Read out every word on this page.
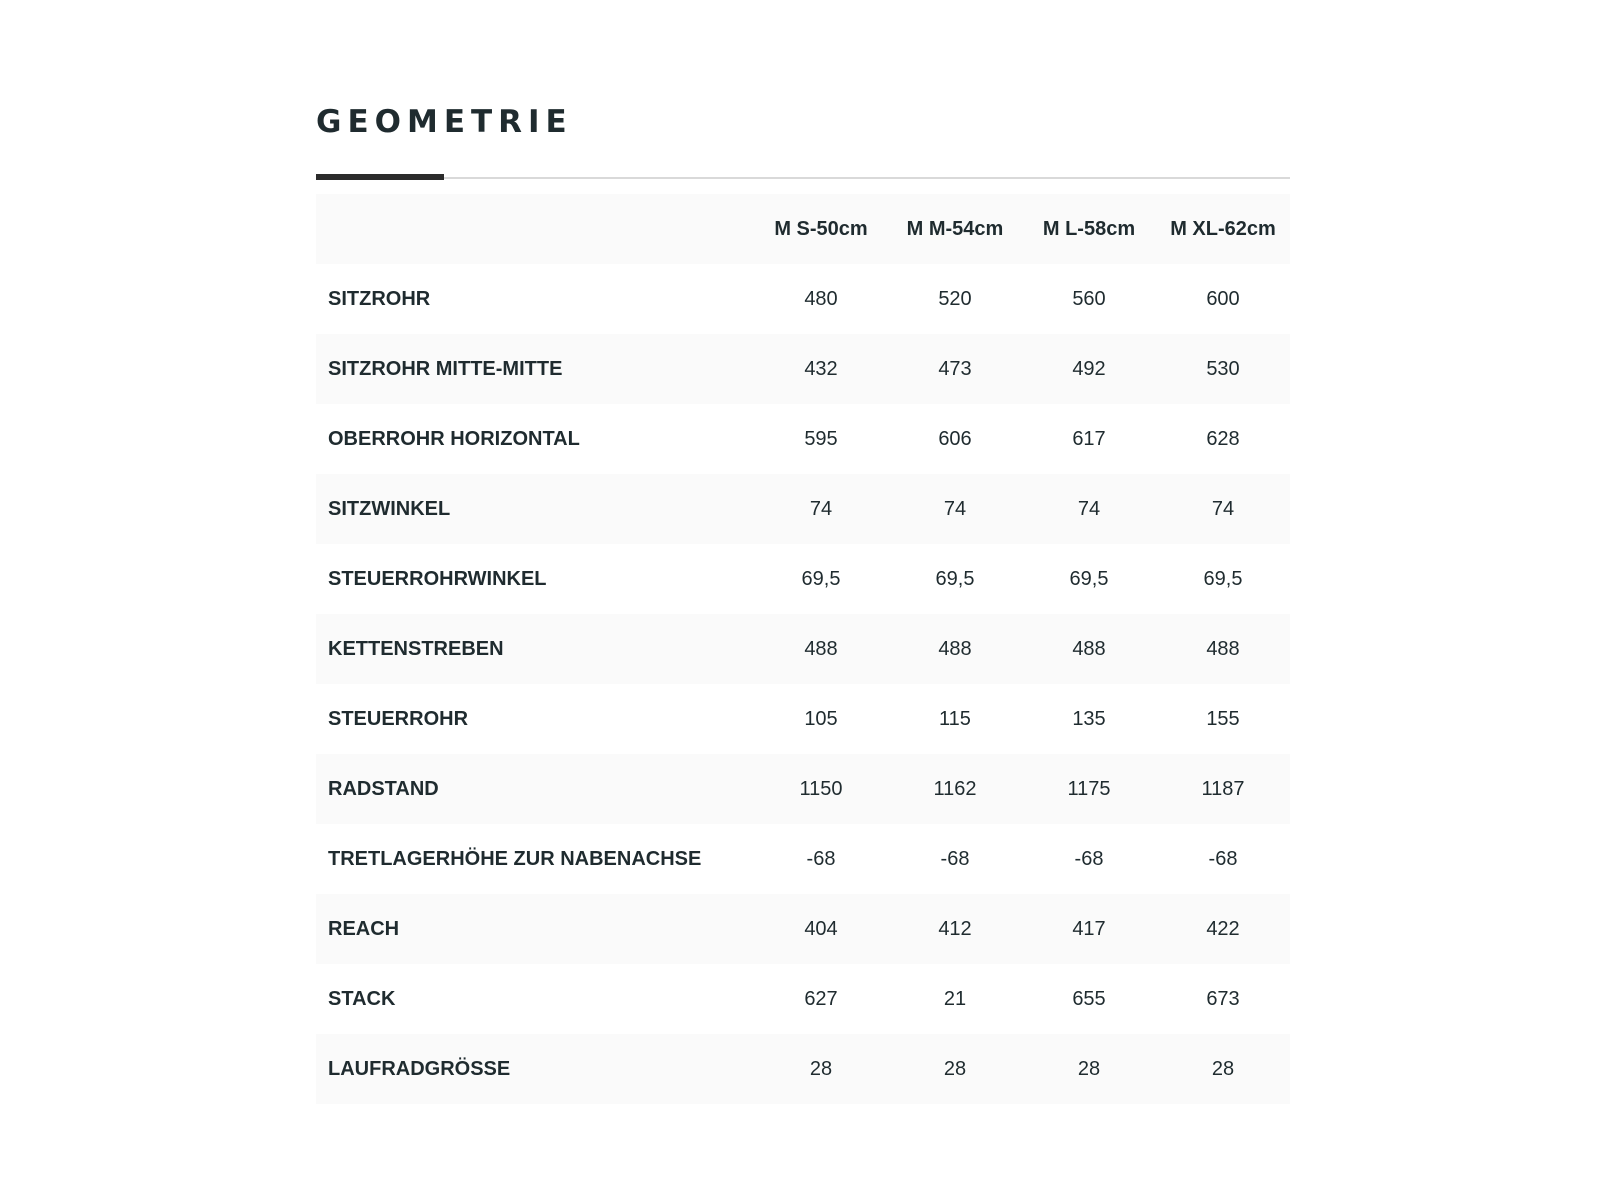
GEOMETRIE
	M S-50cm	M M-54cm	M L-58cm	M XL-62cm
SITZROHR	480	520	560	600
SITZROHR MITTE-MITTE	432	473	492	530
OBERROHR HORIZONTAL	595	606	617	628
SITZWINKEL	74	74	74	74
STEUERROHRWINKEL	69,5	69,5	69,5	69,5
KETTENSTREBEN	488	488	488	488
STEUERROHR	105	115	135	155
RADSTAND	1150	1162	1175	1187
TRETLAGERHÖHE ZUR NABENACHSE	-68	-68	-68	-68
REACH	404	412	417	422
STACK	627	21	655	673
LAUFRADGRÖSSE	28	28	28	28
